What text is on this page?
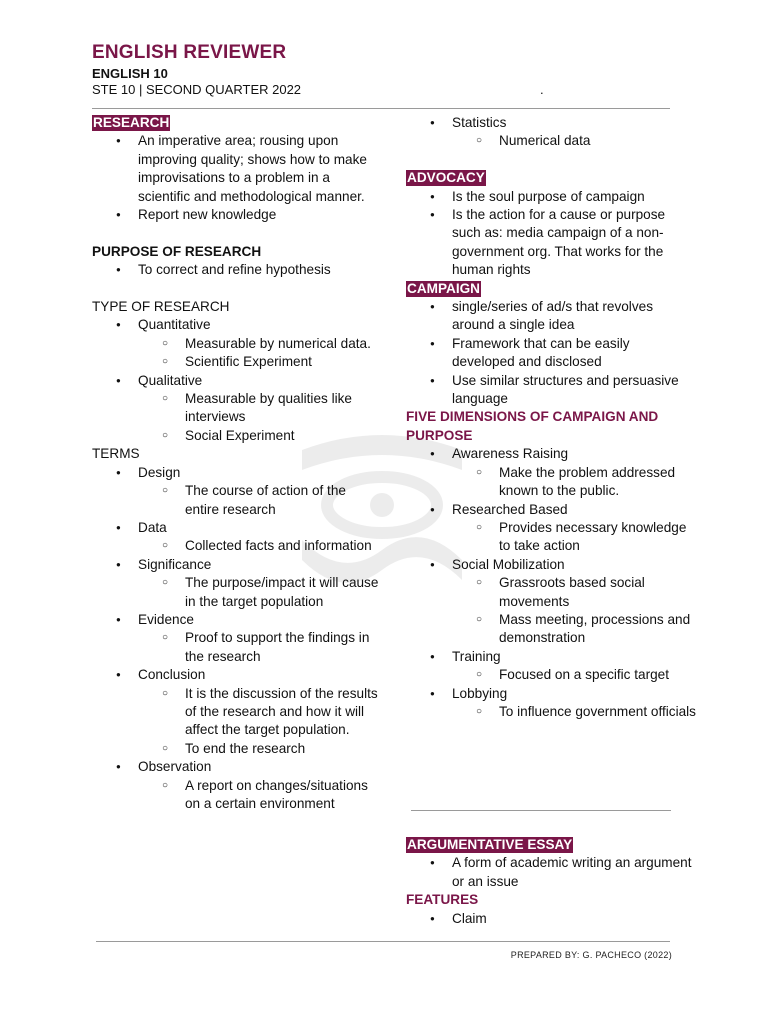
ENGLISH REVIEWER
ENGLISH 10
STE 10 | SECOND QUARTER 2022	.
RESEARCH
● An imperative area; rousing upon improving quality; shows how to make improvisations to a problem in a scientific and methodological manner.
● Report new knowledge
PURPOSE OF RESEARCH
● To correct and refine hypothesis
TYPE OF RESEARCH
● Quantitative
○ Measurable by numerical data.
○ Scientific Experiment
● Qualitative
○ Measurable by qualities like interviews
○ Social Experiment
TERMS
● Design
○ The course of action of the entire research
● Data
○ Collected facts and information
● Significance
○ The purpose/impact it will cause in the target population
● Evidence
○ Proof to support the findings in the research
● Conclusion
○ It is the discussion of the results of the research and how it will affect the target population.
○ To end the research
● Observation
○ A report on changes/situations on a certain environment
● Statistics
○ Numerical data
ADVOCACY
● Is the soul purpose of campaign
● Is the action for a cause or purpose such as: media campaign of a non-government org. That works for the human rights
CAMPAIGN
● single/series of ad/s that revolves around a single idea
● Framework that can be easily developed and disclosed
● Use similar structures and persuasive language
FIVE DIMENSIONS OF CAMPAIGN AND PURPOSE
● Awareness Raising
○ Make the problem addressed known to the public.
● Researched Based
○ Provides necessary knowledge to take action
● Social Mobilization
○ Grassroots based social movements
○ Mass meeting, processions and demonstration
● Training
○ Focused on a specific target
● Lobbying
○ To influence government officials
ARGUMENTATIVE ESSAY
● A form of academic writing an argument or an issue
FEATURES
● Claim
PREPARED BY: G. PACHECO (2022)
